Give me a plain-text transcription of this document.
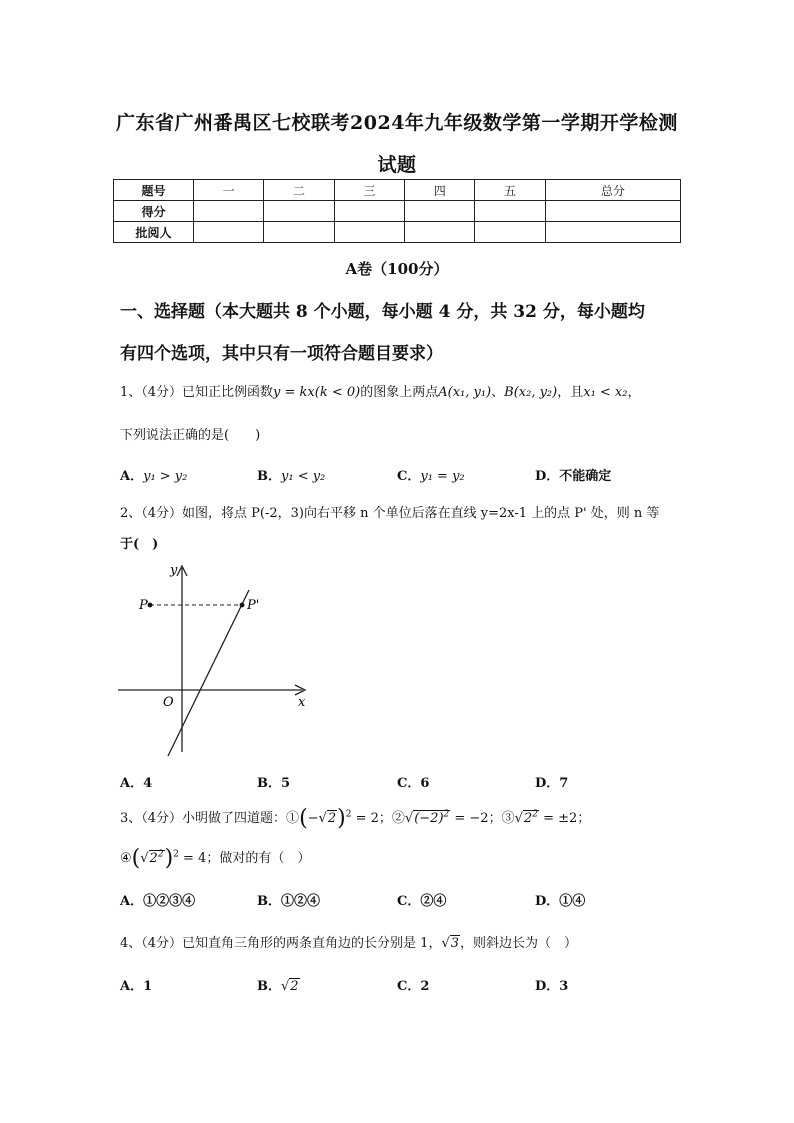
广东省广州番禺区七校联考2024年九年级数学第一学期开学检测
试题
题号	一	二	三	四	五	总分
得分						
批阅人						
A卷（100分）
一、选择题（本大题共 8 个小题，每小题 4 分，共 32 分，每小题均
有四个选项，其中只有一项符合题目要求）
1、（4分）已知正比例函数y = kx(k < 0)的图象上两点A(x₁, y₁)、B(x₂, y₂)，且x₁ < x₂，
下列说法正确的是(　　)
A．y₁ > y₂	B．y₁ < y₂	C．y₁ = y₂	D．不能确定
2、（4分）如图，将点 P(-2，3)向右平移 n 个单位后落在直线 y=2x-1 上的点 P' 处，则 n 等
于(　)
y
x
O
P	P'
A．4	B．5	C．6	D．7
3、（4分）小明做了四道题：$①(-√2)^2 = 2$；$②√(-2)^2 = -2$；$③√2^2 = \pm 2$；
$④(√2^2)^2 = 4$；做对的有（　）
A．①②③④	B．①②④	C．②④	D．①④
4、（4分）已知直角三角形的两条直角边的长分别是 1，√3，则斜边长为（　）
A．1	B．√2	C．2	D．3
